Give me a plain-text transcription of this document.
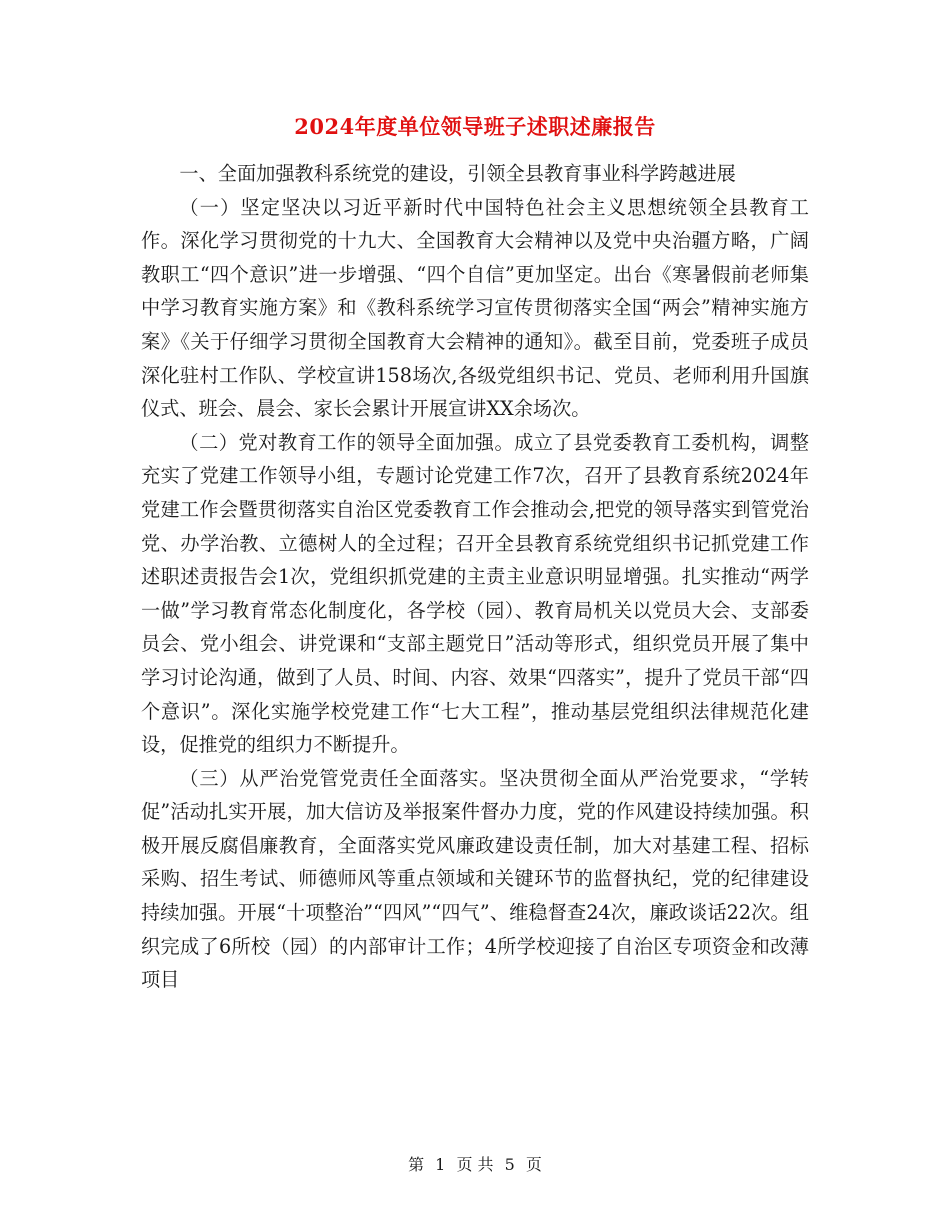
2024年度单位领导班子述职述廉报告

一、全面加强教科系统党的建设，引领全县教育事业科学跨越进展

（一）坚定坚决以习近平新时代中国特色社会主义思想统领全县教育工作。深化学习贯彻党的十九大、全国教育大会精神以及党中央治疆方略，广阔教职工“四个意识”进一步增强、“四个自信”更加坚定。出台《寒暑假前老师集中学习教育实施方案》和《教科系统学习宣传贯彻落实全国“两会”精神实施方案》《关于仔细学习贯彻全国教育大会精神的通知》。截至目前，党委班子成员深化驻村工作队、学校宣讲158场次,各级党组织书记、党员、老师利用升国旗仪式、班会、晨会、家长会累计开展宣讲XX余场次。

（二）党对教育工作的领导全面加强。成立了县党委教育工委机构，调整充实了党建工作领导小组，专题讨论党建工作7次，召开了县教育系统2024年党建工作会暨贯彻落实自治区党委教育工作会推动会,把党的领导落实到管党治党、办学治教、立德树人的全过程；召开全县教育系统党组织书记抓党建工作述职述责报告会1次，党组织抓党建的主责主业意识明显增强。扎实推动“两学一做”学习教育常态化制度化，各学校（园）、教育局机关以党员大会、支部委员会、党小组会、讲党课和“支部主题党日”活动等形式，组织党员开展了集中学习讨论沟通，做到了人员、时间、内容、效果“四落实”，提升了党员干部“四个意识”。深化实施学校党建工作“七大工程”，推动基层党组织法律规范化建设，促推党的组织力不断提升。

（三）从严治党管党责任全面落实。坚决贯彻全面从严治党要求，“学转促”活动扎实开展，加大信访及举报案件督办力度，党的作风建设持续加强。积极开展反腐倡廉教育，全面落实党风廉政建设责任制，加大对基建工程、招标采购、招生考试、师德师风等重点领域和关键环节的监督执纪，党的纪律建设持续加强。开展“十项整治”“四风”“四气”、维稳督查24次，廉政谈话22次。组织完成了6所校（园）的内部审计工作；4所学校迎接了自治区专项资金和改薄项目

第 1 页 共 5 页
